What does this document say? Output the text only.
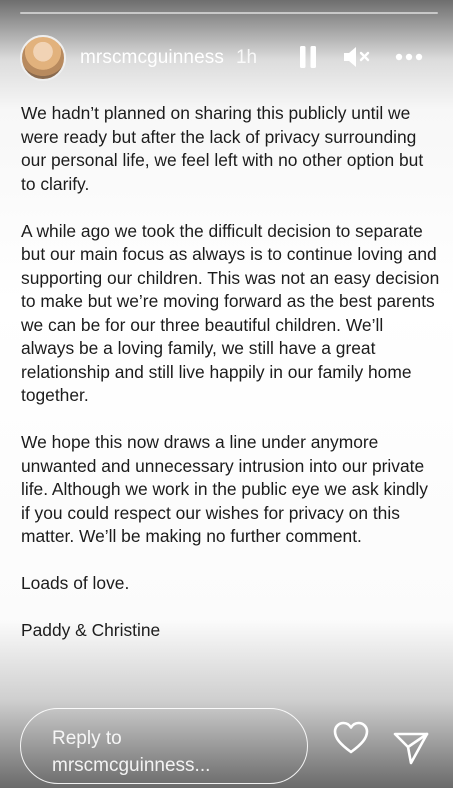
mrscmcguinness 1h

We hadn’t planned on sharing this publicly until we were ready but after the lack of privacy surrounding our personal life, we feel left with no other option but to clarify.

A while ago we took the difficult decision to separate but our main focus as always is to continue loving and supporting our children. This was not an easy decision to make but we’re moving forward as the best parents we can be for our three beautiful children. We’ll always be a loving family, we still have a great relationship and still live happily in our family home together.

We hope this now draws a line under anymore unwanted and unnecessary intrusion into our private life. Although we work in the public eye we ask kindly if you could respect our wishes for privacy on this matter. We’ll be making no further comment.

Loads of love.

Paddy & Christine

Reply to mrscmcguinness...
